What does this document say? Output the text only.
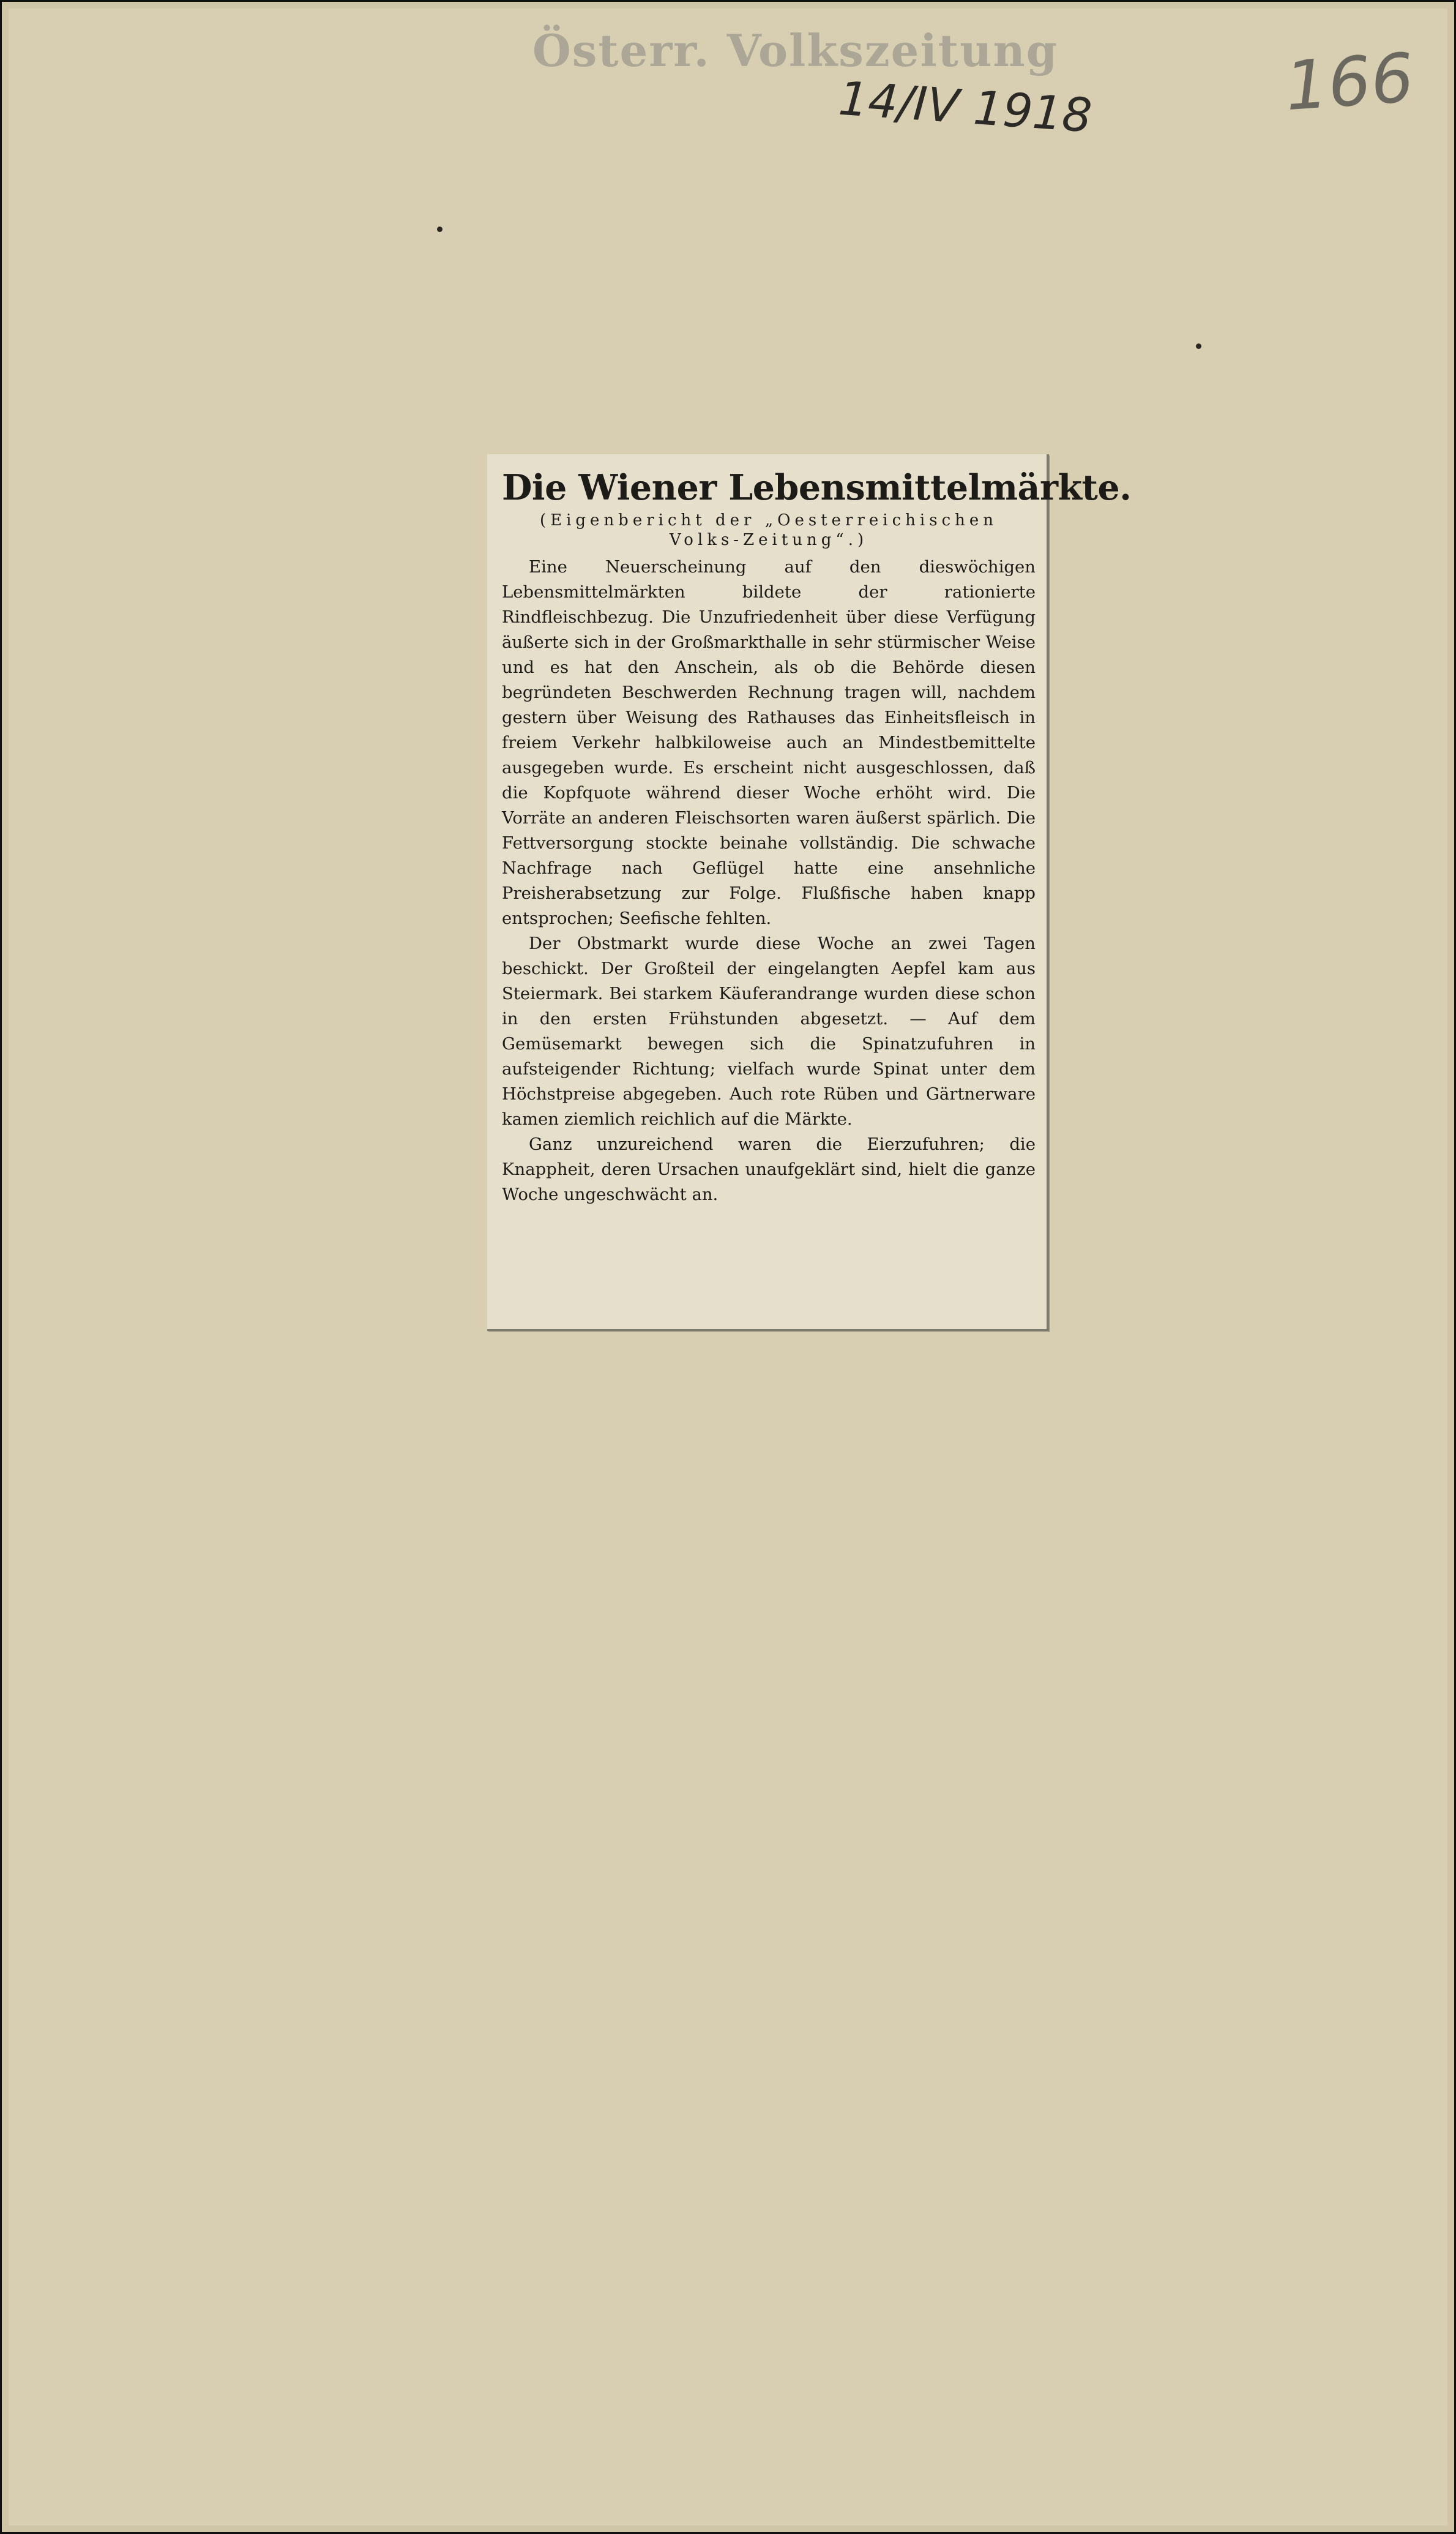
Österr. Volkszeitung
14/IV 1918	166
Die Wiener Lebensmittelmärkte.
(Eigenbericht der „Oesterreichischen Volks-Zeitung“.)

Eine Neuerscheinung auf den dieswöchigen Lebensmittelmärkten bildete der rationierte Rindfleischbezug. Die Unzufriedenheit über diese Verfügung äußerte sich in der Großmarkthalle in sehr stürmischer Weise und es hat den Anschein, als ob die Behörde diesen begründeten Beschwerden Rechnung tragen will, nachdem gestern über Weisung des Rathauses das Einheitsfleisch in freiem Verkehr halbkiloweise auch an Mindestbemittelte ausgegeben wurde. Es erscheint nicht ausgeschlossen, daß die Kopfquote während dieser Woche erhöht wird. Die Vorräte an anderen Fleischsorten waren äußerst spärlich. Die Fettversorgung stockte beinahe vollständig. Die schwache Nachfrage nach Geflügel hatte eine ansehnliche Preisherabsetzung zur Folge. Flußfische haben knapp entsprochen; Seefische fehlten.

Der Obstmarkt wurde diese Woche an zwei Tagen beschickt. Der Großteil der eingelangten Aepfel kam aus Steiermark. Bei starkem Käuferandrange wurden diese schon in den ersten Frühstunden abgesetzt. — Auf dem Gemüsemarkt bewegen sich die Spinatzufuhren in aufsteigender Richtung; vielfach wurde Spinat unter dem Höchstpreise abgegeben. Auch rote Rüben und Gärtnerware kamen ziemlich reichlich auf die Märkte.

Ganz unzureichend waren die Eierzufuhren; die Knappheit, deren Ursachen unaufgeklärt sind, hielt die ganze Woche ungeschwächt an.
